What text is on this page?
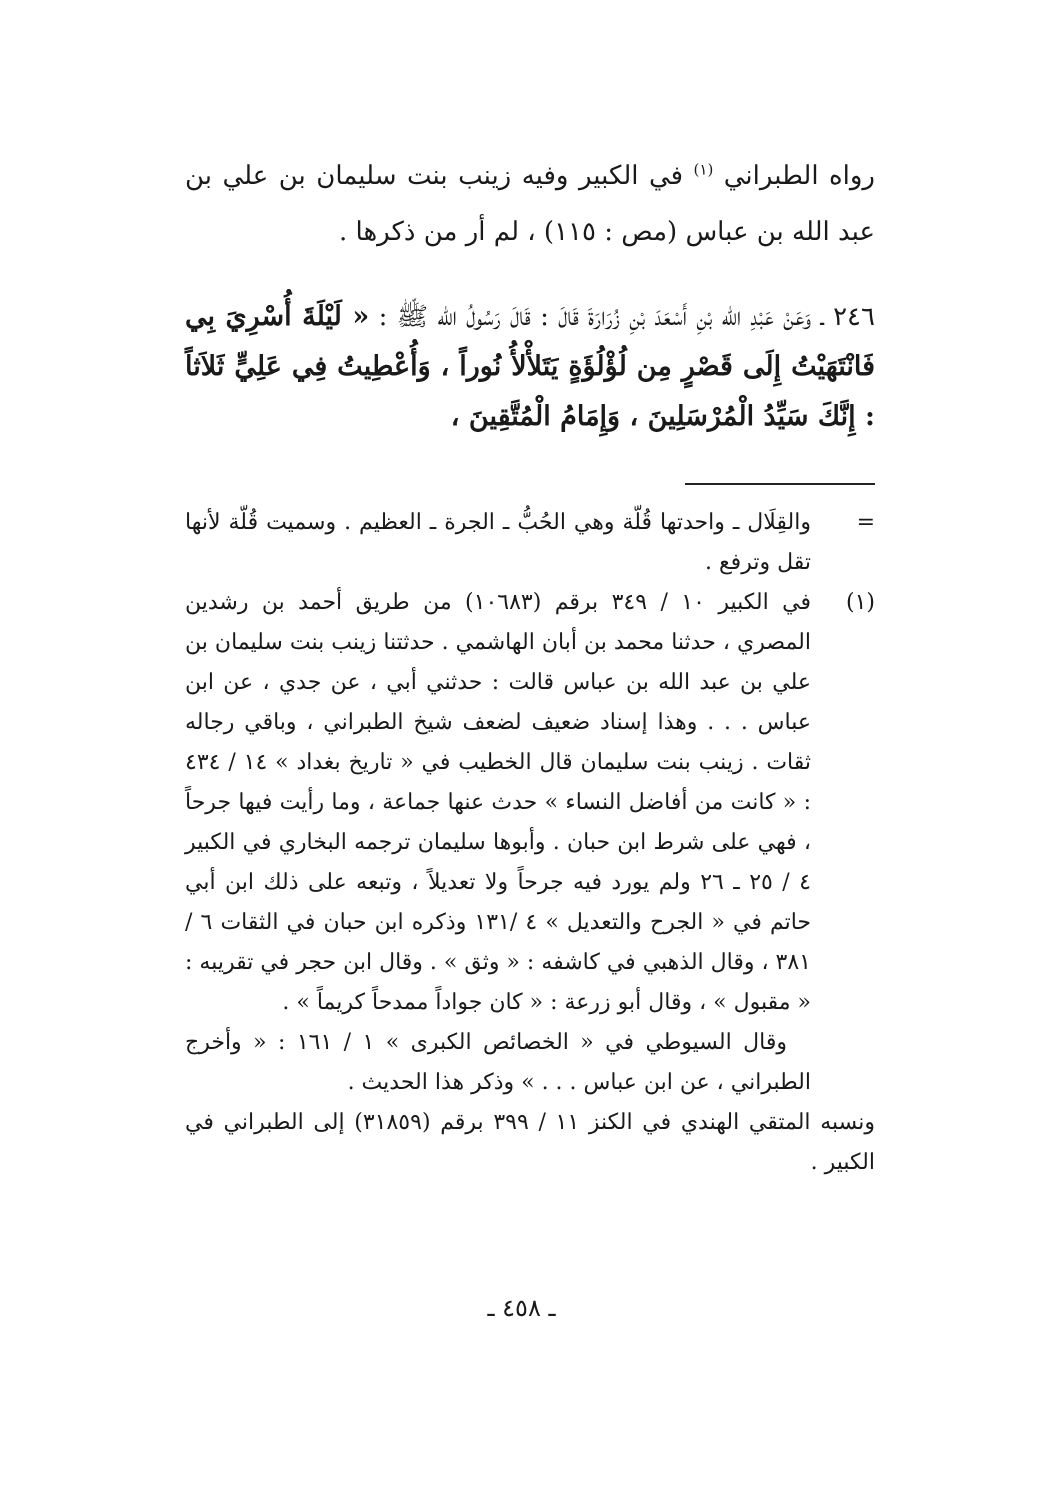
رواه الطبراني $^{(١)}$ في الكبير وفيه زينب بنت سليمان بن علي بن عبد الله بن عباس (مص : ١١٥) ، لم أر من ذكرها .
٢٤٦ ـ وَعَنْ عَبْدِ الله بْنِ أَسْعَدَ بْنِ زُرَارَةَ قَالَ : قَالَ رَسُولُ الله ﷺ : « لَيْلَةَ أُسْرِيَ بِي فَانْتَهَيْتُ إِلَى قَصْرٍ مِن لُؤْلُؤَةٍ يَتَلأْلأُ نُوراً ، وَأُعْطِيتُ فِي عَلِيٍّ ثَلاَثاً : إِنَّكَ سَيِّدُ الْمُرْسَلِينَ ، وَإِمَامُ الْمُتَّقِينَ ،
=

والقِلَال ـ واحدتها قُلّة وهي الحُبُّ ـ الجرة ـ العظيم . وسميت قُلّة لأنها تقل وترفع .

(١)

في الكبير ١٠ / ٣٤٩ برقم (١٠٦٨٣) من طريق أحمد بن رشدين المصري ، حدثنا محمد بن أبان الهاشمي . حدثتنا زينب بنت سليمان بن علي بن عبد الله بن عباس قالت : حدثني أبي ، عن جدي ، عن ابن عباس . . . وهذا إسناد ضعيف لضعف شيخ الطبراني ، وباقي رجاله ثقات . زينب بنت سليمان قال الخطيب في « تاريخ بغداد » ١٤ / ٤٣٤ : « كانت من أفاضل النساء » حدث عنها جماعة ، وما رأيت فيها جرحاً ، فهي على شرط ابن حبان . وأبوها سليمان ترجمه البخاري في الكبير ٤ / ٢٥ ـ ٢٦ ولم يورد فيه جرحاً ولا تعديلاً ، وتبعه على ذلك ابن أبي حاتم في « الجرح والتعديل » ٤ /١٣١ وذكره ابن حبان في الثقات ٦ / ٣٨١ ، وقال الذهبي في كاشفه : « وثق » . وقال ابن حجر في تقريبه : « مقبول » ، وقال أبو زرعة : « كان جواداً ممدحاً كريماً » .

وقال السيوطي في « الخصائص الكبرى » ١ / ١٦١ : « وأخرج الطبراني ، عن ابن عباس . . . » وذكر هذا الحديث .

ونسبه المتقي الهندي في الكنز ١١ / ٣٩٩ برقم (٣١٨٥٩) إلى الطبراني في الكبير .

ـ ٤٥٨ ـ
